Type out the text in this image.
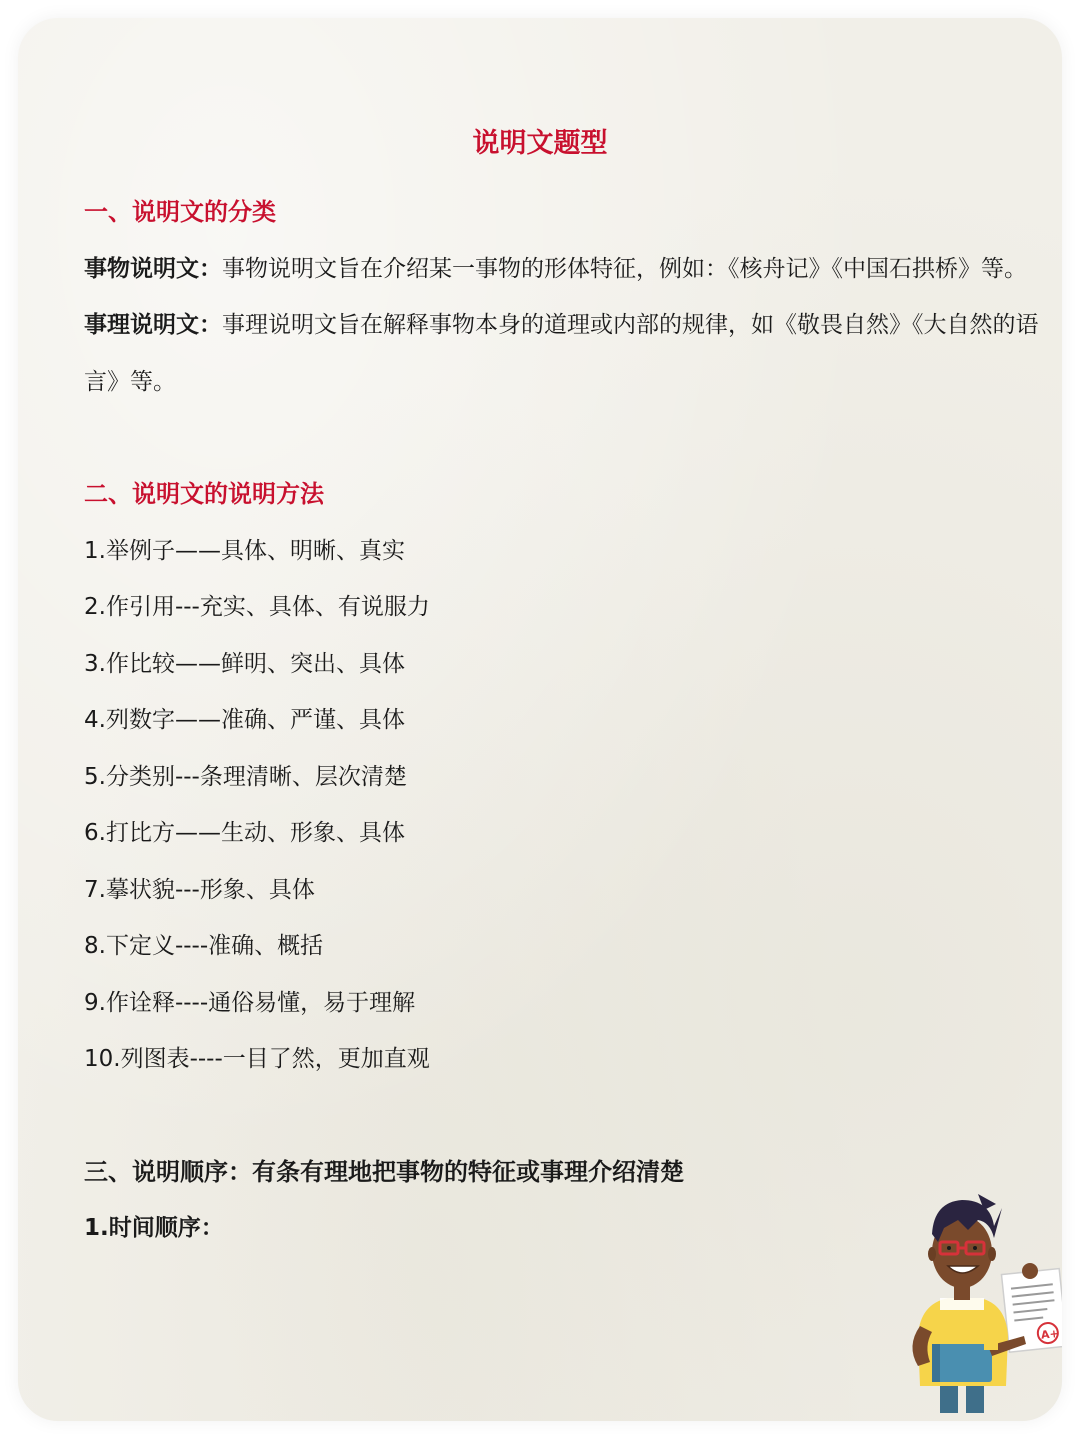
说明文题型
一、说明文的分类
事物说明文：事物说明文旨在介绍某一事物的形体特征，例如：《核舟记》《中国石拱桥》等。
事理说明文：事理说明文旨在解释事物本身的道理或内部的规律，如《敬畏自然》《大自然的语言》等。
二、说明文的说明方法
1.举例子——具体、明晰、真实
2.作引用---充实、具体、有说服力
3.作比较——鲜明、突出、具体
4.列数字——准确、严谨、具体
5.分类别---条理清晰、层次清楚
6.打比方——生动、形象、具体
7.摹状貌---形象、具体
8.下定义----准确、概括
9.作诠释----通俗易懂，易于理解
10.列图表----一目了然，更加直观
三、说明顺序：有条有理地把事物的特征或事理介绍清楚
1.时间顺序：
A+
